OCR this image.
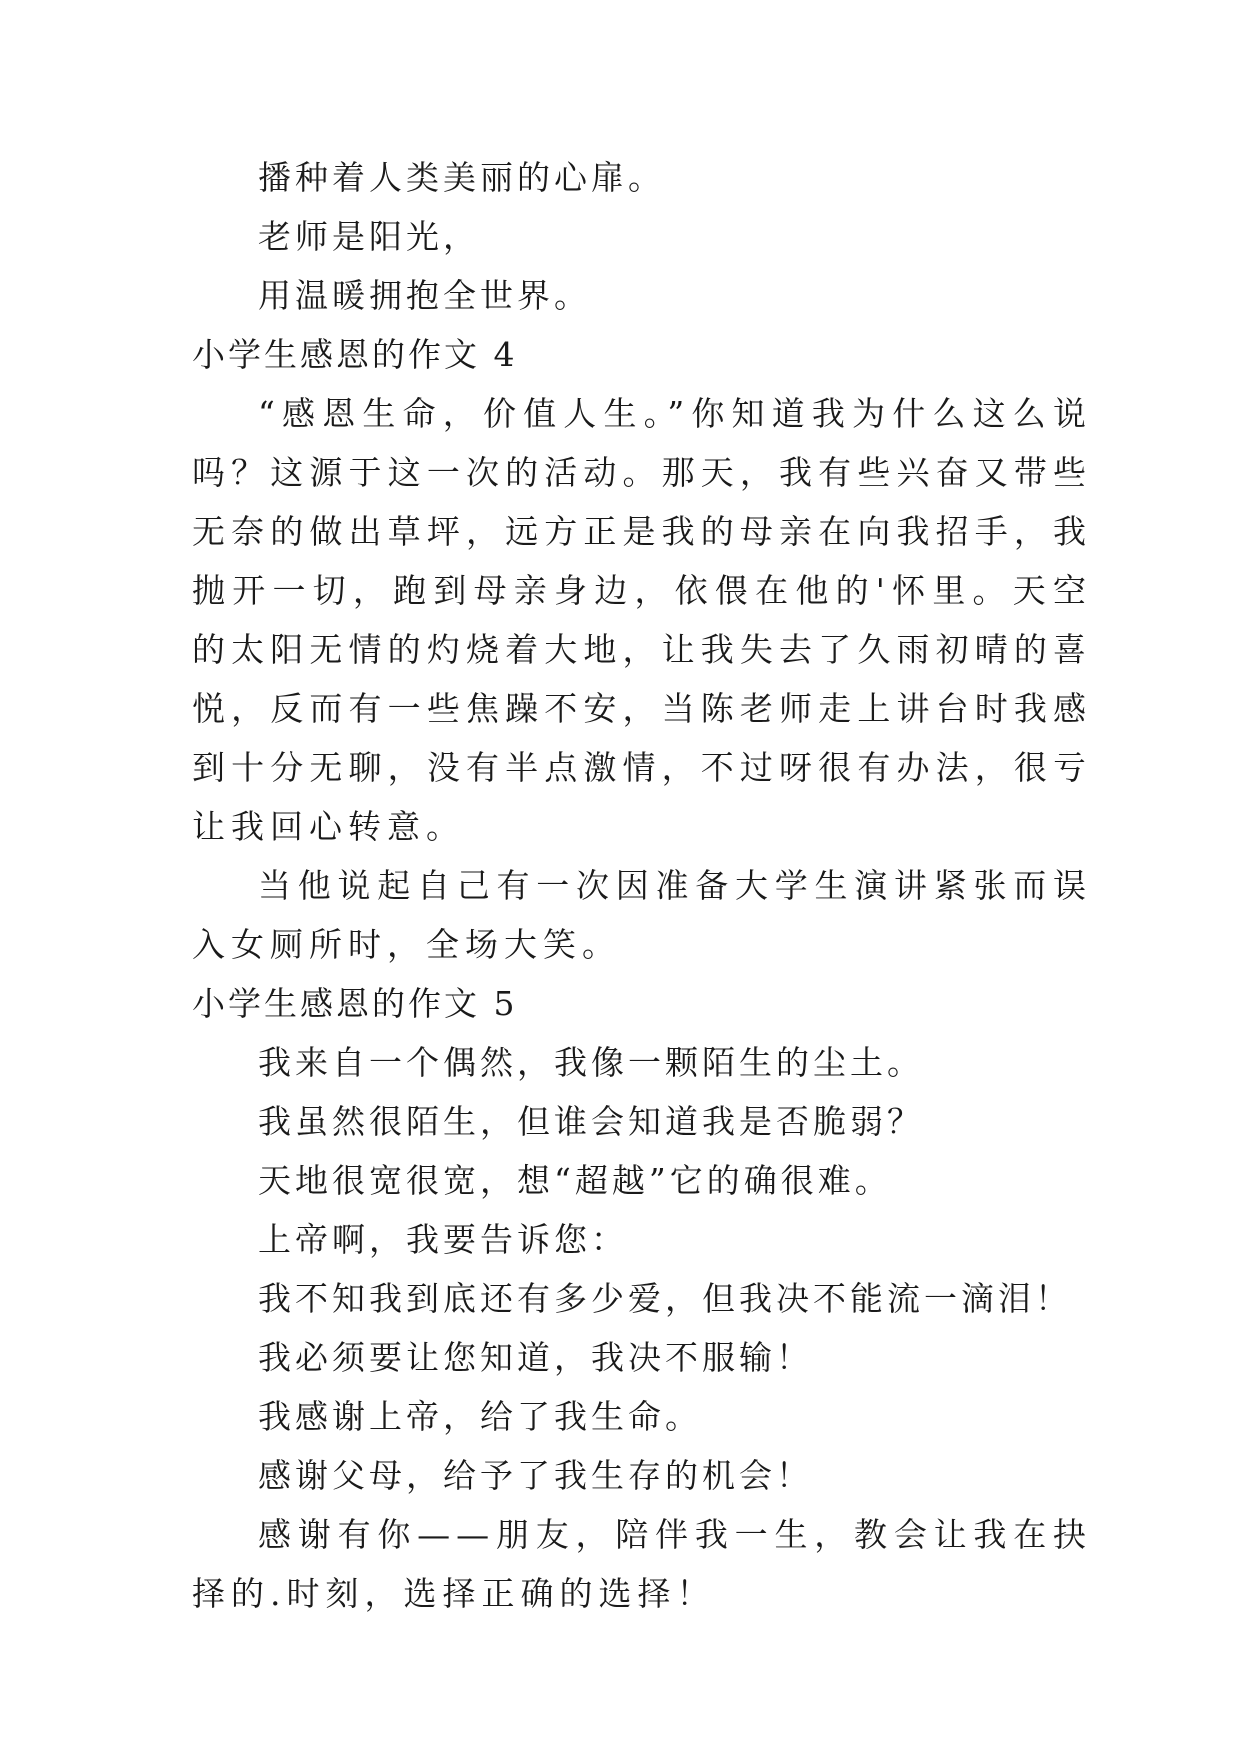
播种着人类美丽的心扉。

老师是阳光，

用温暖拥抱全世界。

小学生感恩的作文 4

“感恩生命，价值人生。”你知道我为什么这么说吗？这源于这一次的活动。那天，我有些兴奋又带些无奈的做出草坪，远方正是我的母亲在向我招手，我抛开一切，跑到母亲身边，依偎在他的'怀里。天空的太阳无情的灼烧着大地，让我失去了久雨初晴的喜悦，反而有一些焦躁不安，当陈老师走上讲台时我感到十分无聊，没有半点激情，不过呀很有办法，很亏让我回心转意。

当他说起自己有一次因准备大学生演讲紧张而误入女厕所时，全场大笑。

小学生感恩的作文 5

我来自一个偶然，我像一颗陌生的尘土。

我虽然很陌生，但谁会知道我是否脆弱？

天地很宽很宽，想“超越”它的确很难。

上帝啊，我要告诉您：

我不知我到底还有多少爱，但我决不能流一滴泪！

我必须要让您知道，我决不服输！

我感谢上帝，给了我生命。

感谢父母，给予了我生存的机会！

感谢有你——朋友，陪伴我一生，教会让我在抉择的.时刻，选择正确的选择！
